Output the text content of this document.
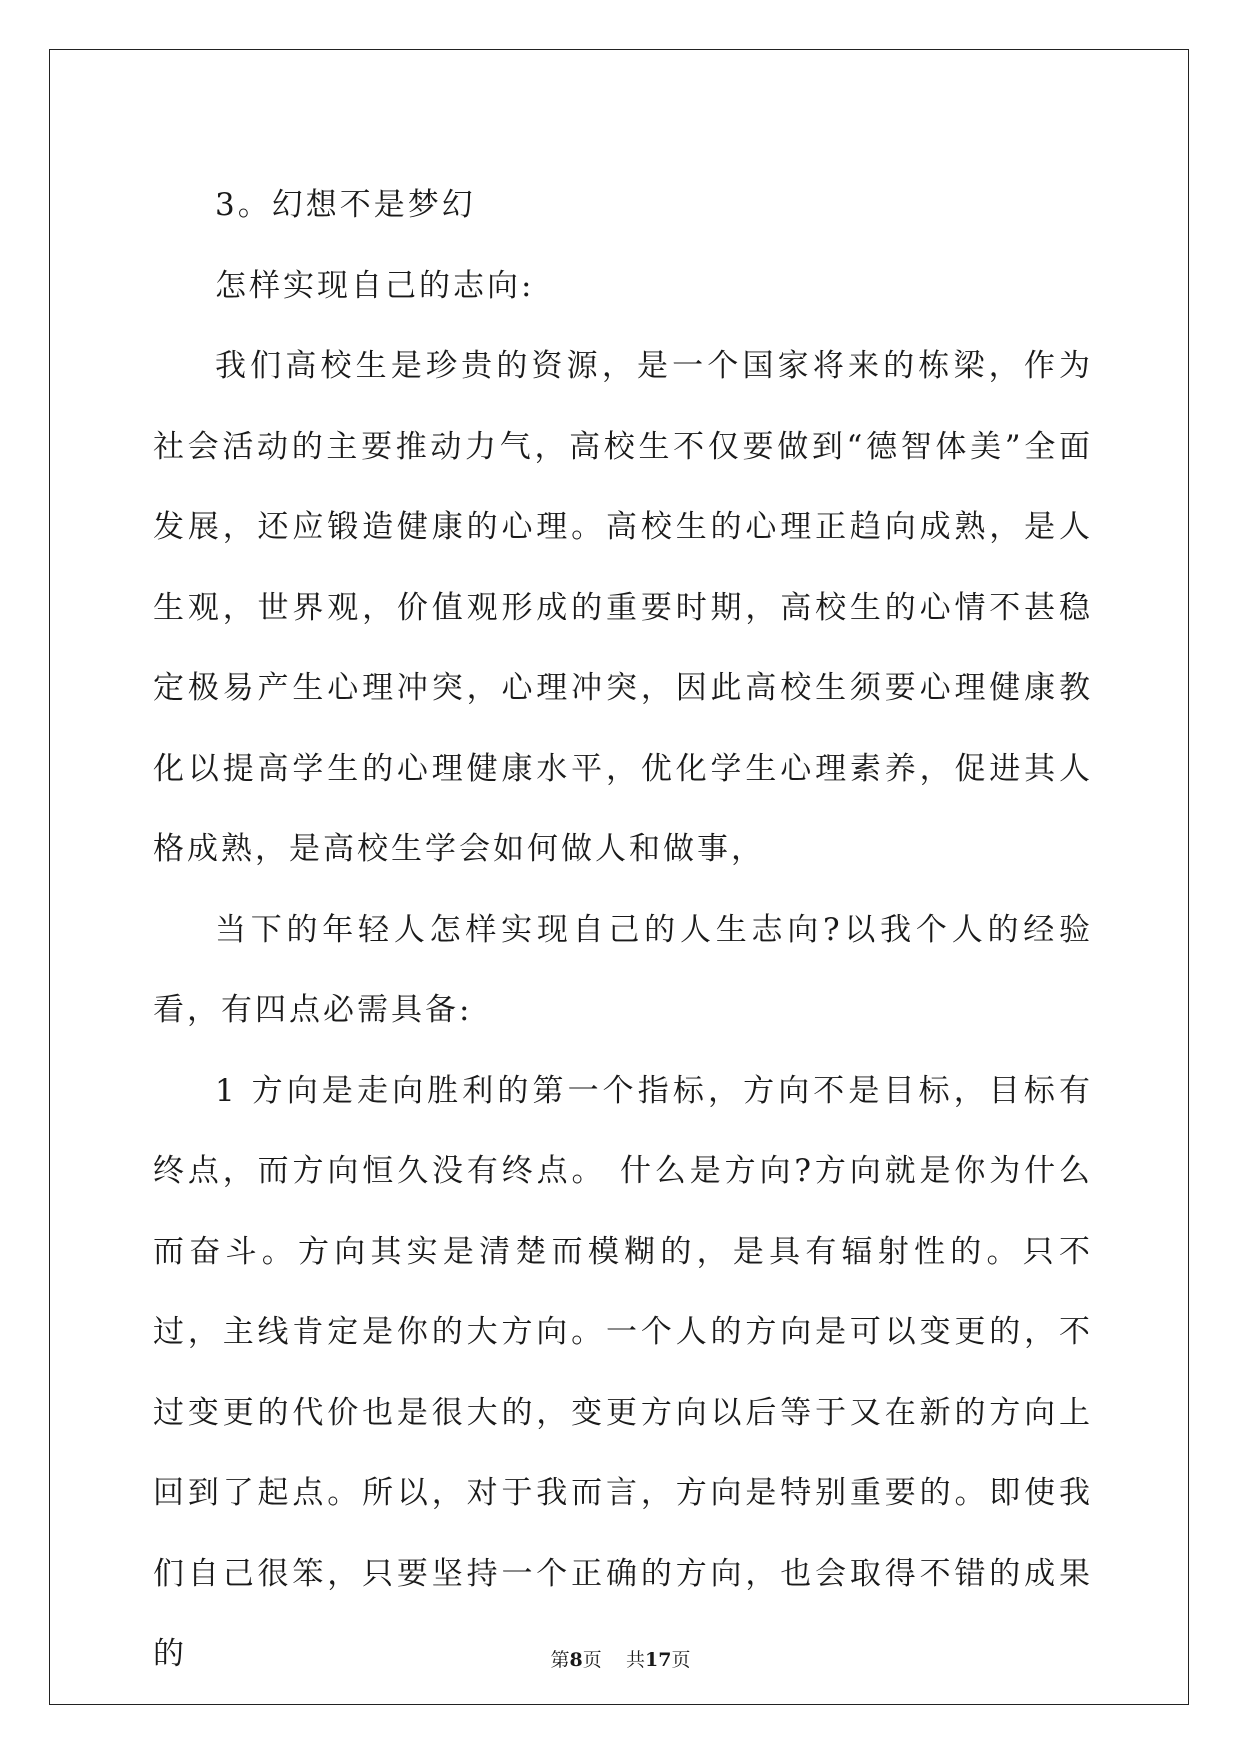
3。幻想不是梦幻

怎样实现自己的志向:

我们高校生是珍贵的资源，是一个国家将来的栋梁，作为社会活动的主要推动力气，高校生不仅要做到“德智体美”全面发展，还应锻造健康的心理。高校生的心理正趋向成熟，是人生观，世界观，价值观形成的重要时期，高校生的心情不甚稳定极易产生心理冲突，心理冲突，因此高校生须要心理健康教化以提高学生的心理健康水平，优化学生心理素养，促进其人格成熟，是高校生学会如何做人和做事，

当下的年轻人怎样实现自己的人生志向?以我个人的经验看，有四点必需具备:

1 方向是走向胜利的第一个指标，方向不是目标，目标有终点，而方向恒久没有终点。 什么是方向?方向就是你为什么而奋斗。方向其实是清楚而模糊的，是具有辐射性的。只不过，主线肯定是你的大方向。一个人的方向是可以变更的，不过变更的代价也是很大的，变更方向以后等于又在新的方向上回到了起点。所以，对于我而言，方向是特别重要的。即使我们自己很笨，只要坚持一个正确的方向，也会取得不错的成果的	第8页 共17页
